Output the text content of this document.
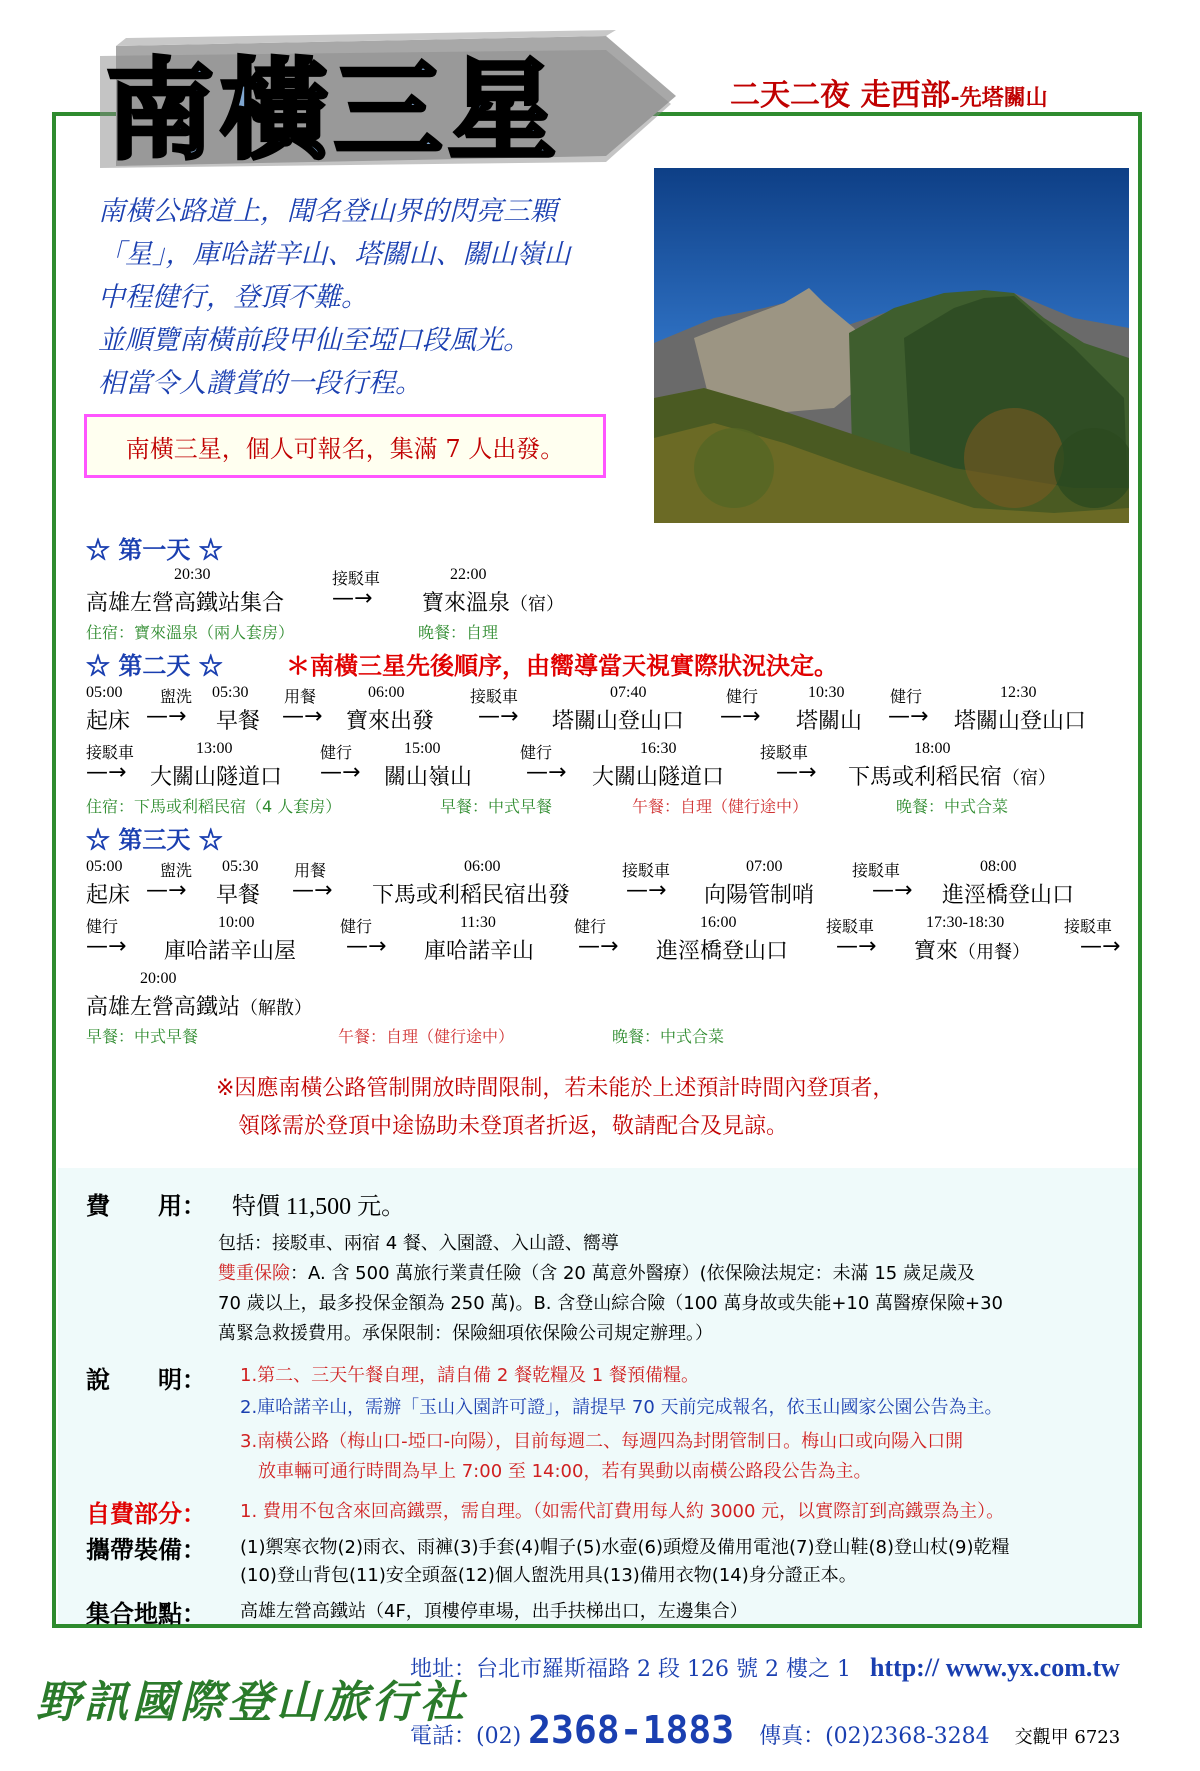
南橫三星	二天二夜 走西部-先塔關山
南橫公路道上，聞名登山界的閃亮三顆
「星」，庫哈諾辛山、塔關山、關山嶺山
中程健行，登頂不難。
並順覽南橫前段甲仙至埡口段風光。
相當令人讚賞的一段行程。
南橫三星，個人可報名，集滿 7 人出發。
☆ 第一天 ☆
20:30	接駁車	22:00
高雄左營高鐵站集合 —→ 寶來溫泉（宿）
住宿：寶來溫泉（兩人套房）	晚餐：自理
☆ 第二天 ☆	＊南橫三星先後順序，由嚮導當天視實際狀況決定。
05:00 盥洗 05:30 用餐	06:00	接駁車	07:40	健行	10:30	健行	12:30
起床 —→ 早餐 —→ 寶來出發 —→ 塔關山登山口 —→ 塔關山 —→ 塔關山登山口
接駁車	13:00	健行	15:00	健行	16:30	接駁車	18:00
—→ 大關山隧道口 —→ 關山嶺山 —→ 大關山隧道口 —→ 下馬或利稻民宿（宿）
住宿：下馬或利稻民宿（4 人套房）	早餐：中式早餐	午餐：自理（健行途中）	晚餐：中式合菜
☆ 第三天 ☆
05:00 盥洗 05:30 用餐	06:00	接駁車	07:00	接駁車	08:00
起床 —→ 早餐 —→ 下馬或利稻民宿出發	—→ 向陽管制哨	—→ 進涇橋登山口
健行	10:00	健行	11:30	健行	16:00	接駁車	17:30-18:30	接駁車
—→ 庫哈諾辛山屋 —→ 庫哈諾辛山 —→ 進涇橋登山口 —→ 寶來（用餐） —→
20:00
高雄左營高鐵站（解散）
早餐：中式早餐	午餐：自理（健行途中）	晚餐：中式合菜
※因應南橫公路管制開放時間限制，若未能於上述預計時間內登頂者，
領隊需於登頂中途協助未登頂者折返，敬請配合及見諒。
費　　用： 特價 11,500 元。
包括：接駁車、兩宿 4 餐、入園證、入山證、嚮導
雙重保險：A. 含 500 萬旅行業責任險（含 20 萬意外醫療）(依保險法規定：未滿 15 歲足歲及
70 歲以上，最多投保金額為 250 萬)。B. 含登山綜合險（100 萬身故或失能+10 萬醫療保險+30
萬緊急救援費用。承保限制：保險細項依保險公司規定辦理。）
說　　明： 1.第二、三天午餐自理，請自備 2 餐乾糧及 1 餐預備糧。
2.庫哈諾辛山，需辦「玉山入園許可證」，請提早 70 天前完成報名，依玉山國家公園公告為主。
3.南橫公路（梅山口-埡口-向陽），目前每週二、每週四為封閉管制日。梅山口或向陽入口開
放車輛可通行時間為早上 7:00 至 14:00，若有異動以南橫公路段公告為主。
自費部分： 1. 費用不包含來回高鐵票，需自理。（如需代訂費用每人約 3000 元，以實際訂到高鐵票為主）。
攜帶裝備： (1)禦寒衣物(2)雨衣、雨褲(3)手套(4)帽子(5)水壺(6)頭燈及備用電池(7)登山鞋(8)登山杖(9)乾糧
(10)登山背包(11)安全頭盔(12)個人盥洗用具(13)備用衣物(14)身分證正本。
集合地點： 高雄左營高鐵站（4F，頂樓停車場，出手扶梯出口，左邊集合）
野訊國際登山旅行社
地址：台北市羅斯福路 2 段 126 號 2 樓之 1 http:// www.yx.com.tw
電話：(02) 2368-1883 傳真：(02)2368-3284 交觀甲 6723
